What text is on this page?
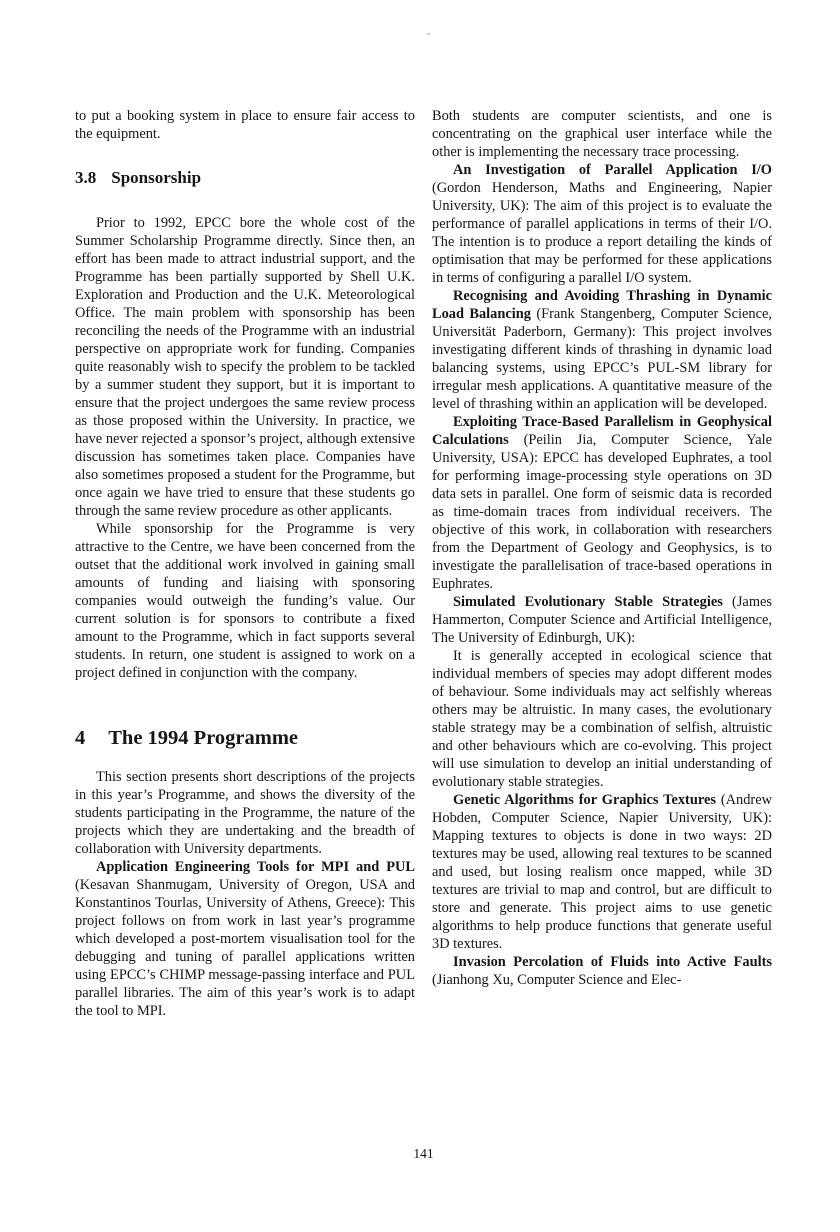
to put a booking system in place to ensure fair access to the equipment.

3.8 Sponsorship

Prior to 1992, EPCC bore the whole cost of the Summer Scholarship Programme directly. Since then, an effort has been made to attract industrial support, and the Programme has been partially supported by Shell U.K. Exploration and Production and the U.K. Meteorological Office. The main problem with sponsorship has been reconciling the needs of the Programme with an industrial perspective on appropriate work for funding. Companies quite reasonably wish to specify the problem to be tackled by a summer student they support, but it is important to ensure that the project undergoes the same review process as those proposed within the University. In practice, we have never rejected a sponsor’s project, although extensive discussion has sometimes taken place. Companies have also sometimes proposed a student for the Programme, but once again we have tried to ensure that these students go through the same review procedure as other applicants.

While sponsorship for the Programme is very attractive to the Centre, we have been concerned from the outset that the additional work involved in gaining small amounts of funding and liaising with sponsoring companies would outweigh the funding’s value. Our current solution is for sponsors to contribute a fixed amount to the Programme, which in fact supports several students. In return, one student is assigned to work on a project defined in conjunction with the company.

4 The 1994 Programme

This section presents short descriptions of the projects in this year’s Programme, and shows the diversity of the students participating in the Programme, the nature of the projects which they are undertaking and the breadth of collaboration with University departments.

Application Engineering Tools for MPI and PUL (Kesavan Shanmugam, University of Oregon, USA and Konstantinos Tourlas, University of Athens, Greece): This project follows on from work in last year’s programme which developed a post-mortem visualisation tool for the debugging and tuning of parallel applications written using EPCC’s CHIMP message-passing interface and PUL parallel libraries. The aim of this year’s work is to adapt the tool to MPI.

Both students are computer scientists, and one is concentrating on the graphical user interface while the other is implementing the necessary trace processing.

An Investigation of Parallel Application I/O (Gordon Henderson, Maths and Engineering, Napier University, UK): The aim of this project is to evaluate the performance of parallel applications in terms of their I/O. The intention is to produce a report detailing the kinds of optimisation that may be performed for these applications in terms of configuring a parallel I/O system.

Recognising and Avoiding Thrashing in Dynamic Load Balancing (Frank Stangenberg, Computer Science, Universität Paderborn, Germany): This project involves investigating different kinds of thrashing in dynamic load balancing systems, using EPCC’s PUL-SM library for irregular mesh applications. A quantitative measure of the level of thrashing within an application will be developed.

Exploiting Trace-Based Parallelism in Geophysical Calculations (Peilin Jia, Computer Science, Yale University, USA): EPCC has developed Euphrates, a tool for performing image-processing style operations on 3D data sets in parallel. One form of seismic data is recorded as time-domain traces from individual receivers. The objective of this work, in collaboration with researchers from the Department of Geology and Geophysics, is to investigate the parallelisation of trace-based operations in Euphrates.

Simulated Evolutionary Stable Strategies (James Hammerton, Computer Science and Artificial Intelligence, The University of Edinburgh, UK):

It is generally accepted in ecological science that individual members of species may adopt different modes of behaviour. Some individuals may act selfishly whereas others may be altruistic. In many cases, the evolutionary stable strategy may be a combination of selfish, altruistic and other behaviours which are co-evolving. This project will use simulation to develop an initial understanding of evolutionary stable strategies.

Genetic Algorithms for Graphics Textures (Andrew Hobden, Computer Science, Napier University, UK): Mapping textures to objects is done in two ways: 2D textures may be used, allowing real textures to be scanned and used, but losing realism once mapped, while 3D textures are trivial to map and control, but are difficult to store and generate. This project aims to use genetic algorithms to help produce functions that generate useful 3D textures.

Invasion Percolation of Fluids into Active Faults (Jianhong Xu, Computer Science and Elec-

141
